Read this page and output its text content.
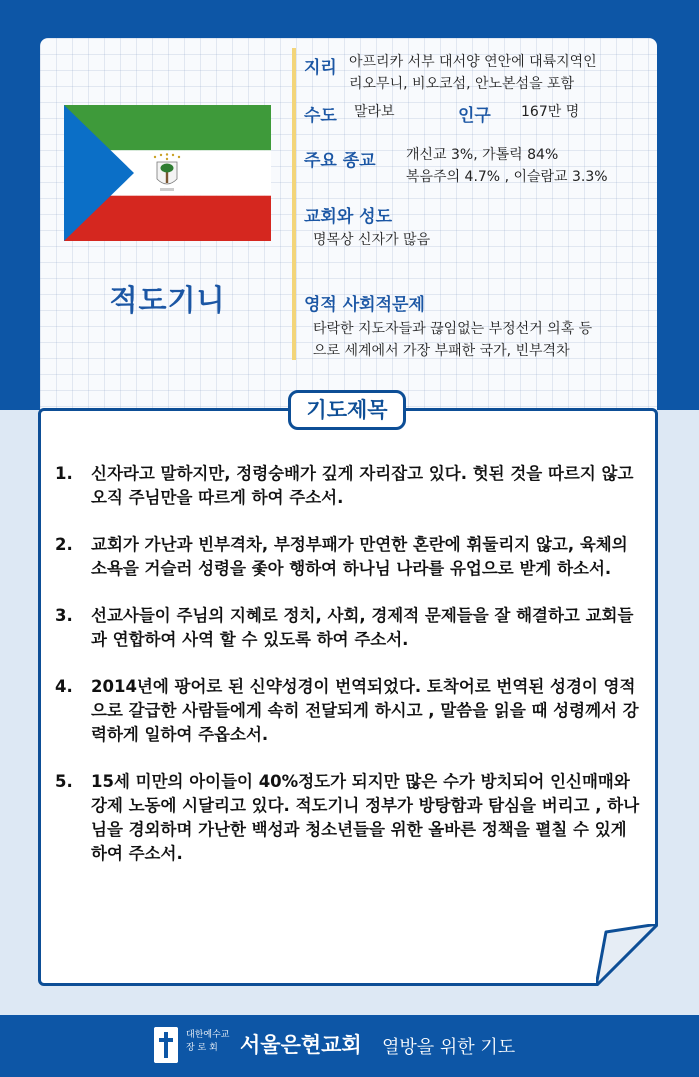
적도기니
지리 아프리카 서부 대서양 연안에 대륙지역인
리오무니, 비오코섬, 안노본섬을 포함
수도 말라보	인구 167만 명
주요 종교 개신교 3%, 가톨릭 84%
복음주의 4.7% , 이슬람교 3.3%
교회와 성도
명목상 신자가 많음
영적 사회적문제
타락한 지도자들과 끊임없는 부정선거 의혹 등
으로 세계에서 가장 부패한 국가, 빈부격차
기도제목
1. 신자라고 말하지만, 정령숭배가 깊게 자리잡고 있다. 헛된 것을 따르지 않고 오직 주님만을 따르게 하여 주소서.
2. 교회가 가난과 빈부격차, 부정부패가 만연한 혼란에 휘둘리지 않고, 육체의 소욕을 거슬러 성령을 좇아 행하여 하나님 나라를 유업으로 받게 하소서.
3. 선교사들이 주님의 지혜로 정치, 사회, 경제적 문제들을 잘 해결하고 교회들과 연합하여 사역 할 수 있도록 하여 주소서.
4. 2014년에 팡어로 된 신약성경이 번역되었다. 토착어로 번역된 성경이 영적으로 갈급한 사람들에게 속히 전달되게 하시고 , 말씀을 읽을 때 성령께서 강력하게 일하여 주옵소서.
5. 15세 미만의 아이들이 40%정도가 되지만 많은 수가 방치되어 인신매매와 강제 노동에 시달리고 있다. 적도기니 정부가 방탕함과 탐심을 버리고 , 하나님을 경외하며 가난한 백성과 청소년들을 위한 올바른 정책을 펼칠 수 있게 하여 주소서.
대한예수교
장 로 회	서울은현교회 열방을 위한 기도
